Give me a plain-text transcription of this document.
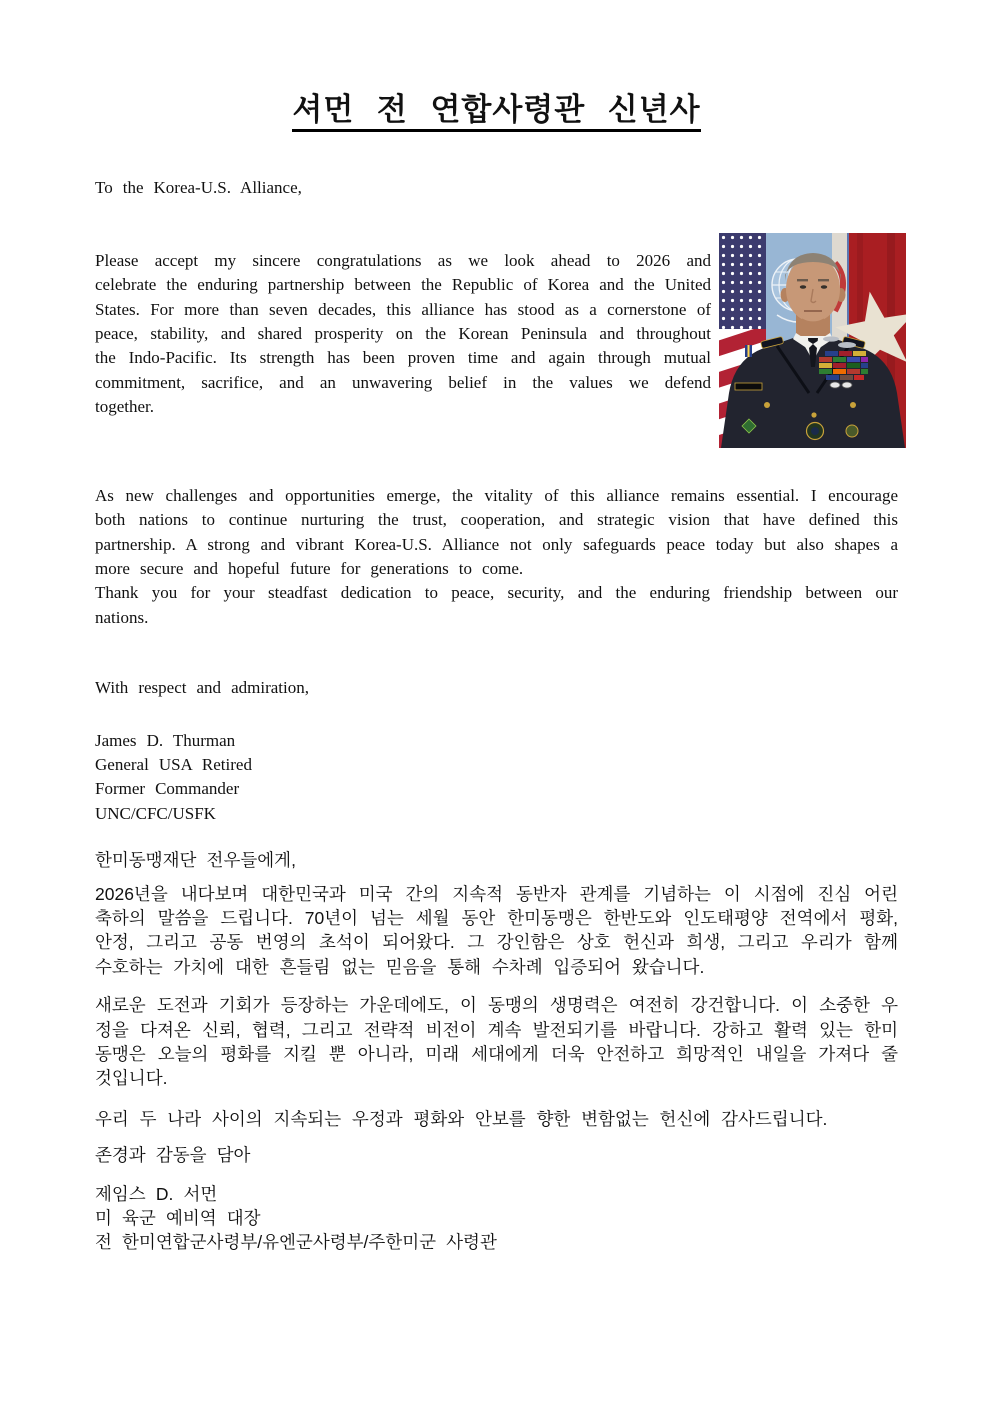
셔먼 전 연합사령관 신년사

To the Korea-U.S. Alliance,

Please accept my sincere congratulations as we look ahead to 2026 and celebrate the enduring partnership between the Republic of Korea and the United States. For more than seven decades, this alliance has stood as a cornerstone of peace, stability, and shared prosperity on the Korean Peninsula and throughout the Indo-Pacific. Its strength has been proven time and again through mutual commitment, sacrifice, and an unwavering belief in the values we defend together.

As new challenges and opportunities emerge, the vitality of this alliance remains essential. I encourage both nations to continue nurturing the trust, cooperation, and strategic vision that have defined this partnership. A strong and vibrant Korea-U.S. Alliance not only safeguards peace today but also shapes a more secure and hopeful future for generations to come.

Thank you for your steadfast dedication to peace, security, and the enduring friendship between our nations.

With respect and admiration,

James D. Thurman
General USA Retired
Former Commander
UNC/CFC/USFK

한미동맹재단 전우들에게,

2026년을 내다보며 대한민국과 미국 간의 지속적 동반자 관계를 기념하는 이 시점에 진심 어린 축하의 말씀을 드립니다. 70년이 넘는 세월 동안 한미동맹은 한반도와 인도태평양 전역에서 평화, 안정, 그리고 공동 번영의 초석이 되어왔다. 그 강인함은 상호 헌신과 희생, 그리고 우리가 함께 수호하는 가치에 대한 흔들림 없는 믿음을 통해 수차례 입증되어 왔습니다.

새로운 도전과 기회가 등장하는 가운데에도, 이 동맹의 생명력은 여전히 강건합니다. 이 소중한 우정을 다져온 신뢰, 협력, 그리고 전략적 비전이 계속 발전되기를 바랍니다. 강하고 활력 있는 한미동맹은 오늘의 평화를 지킬 뿐 아니라, 미래 세대에게 더욱 안전하고 희망적인 내일을 가져다 줄 것입니다.

우리 두 나라 사이의 지속되는 우정과 평화와 안보를 향한 변함없는 헌신에 감사드립니다.

존경과 감동을 담아

제임스 D. 서먼
미 육군 예비역 대장
전 한미연합군사령부/유엔군사령부/주한미군 사령관
